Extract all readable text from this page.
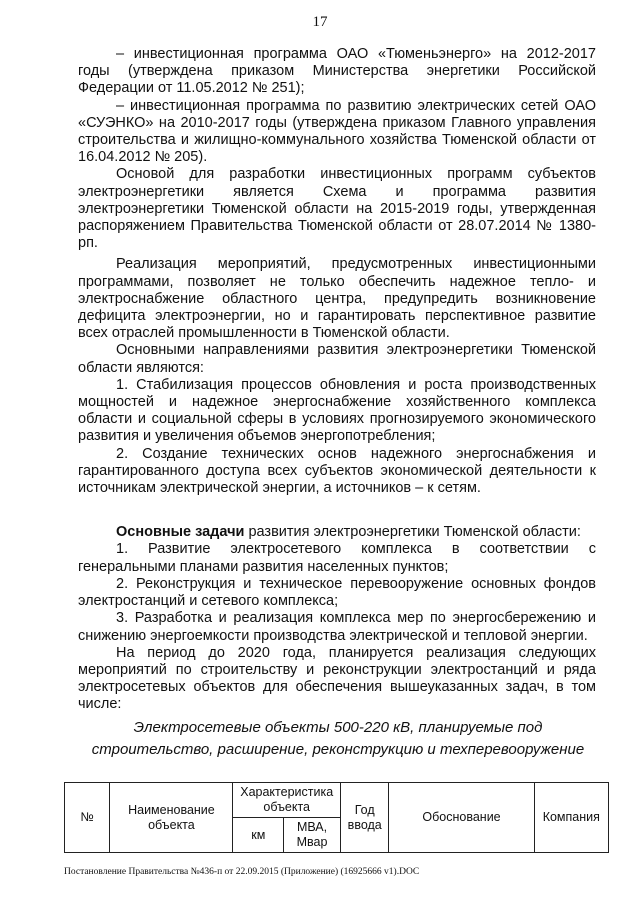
17

– инвестиционная программа ОАО «Тюменьэнерго» на 2012-2017 годы (утверждена приказом Министерства энергетики Российской Федерации от 11.05.2012 № 251);

– инвестиционная программа по развитию электрических сетей ОАО «СУЭНКО» на 2010-2017 годы (утверждена приказом Главного управления строительства и жилищно-коммунального хозяйства Тюменской области от 16.04.2012 № 205).

Основой для разработки инвестиционных программ субъектов электроэнергетики является Схема и программа развития электроэнергетики Тюменской области на 2015-2019 годы, утвержденная распоряжением Правительства Тюменской области от 28.07.2014 № 1380-рп.

Реализация мероприятий, предусмотренных инвестиционными программами, позволяет не только обеспечить надежное тепло- и электроснабжение областного центра, предупредить возникновение дефицита электроэнергии, но и гарантировать перспективное развитие всех отраслей промышленности в Тюменской области.

Основными направлениями развития электроэнергетики Тюменской области являются:

1. Стабилизация процессов обновления и роста производственных мощностей и надежное энергоснабжение хозяйственного комплекса области и социальной сферы в условиях прогнозируемого экономического развития и увеличения объемов энергопотребления;

2. Создание технических основ надежного энергоснабжения и гарантированного доступа всех субъектов экономической деятельности к источникам электрической энергии, а источников – к сетям.

Основные задачи развития электроэнергетики Тюменской области:

1. Развитие электросетевого комплекса в соответствии с генеральными планами развития населенных пунктов;

2. Реконструкция и техническое перевооружение основных фондов электростанций и сетевого комплекса;

3. Разработка и реализация комплекса мер по энергосбережению и снижению энергоемкости производства электрической и тепловой энергии.

На период до 2020 года, планируется реализация следующих мероприятий по строительству и реконструкции электростанций и ряда электросетевых объектов для обеспечения вышеуказанных задач, в том числе:

Электросетевые объекты 500-220 кВ, планируемые под строительство, расширение, реконструкцию и техперевооружение
№	Наименование объекта	Характеристика объекта		Год ввода	Обоснование	Компания
		км	МВА, Мвар			
Постановление Правительства №436-п от 22.09.2015 (Приложение) (16925666 v1).DOC
